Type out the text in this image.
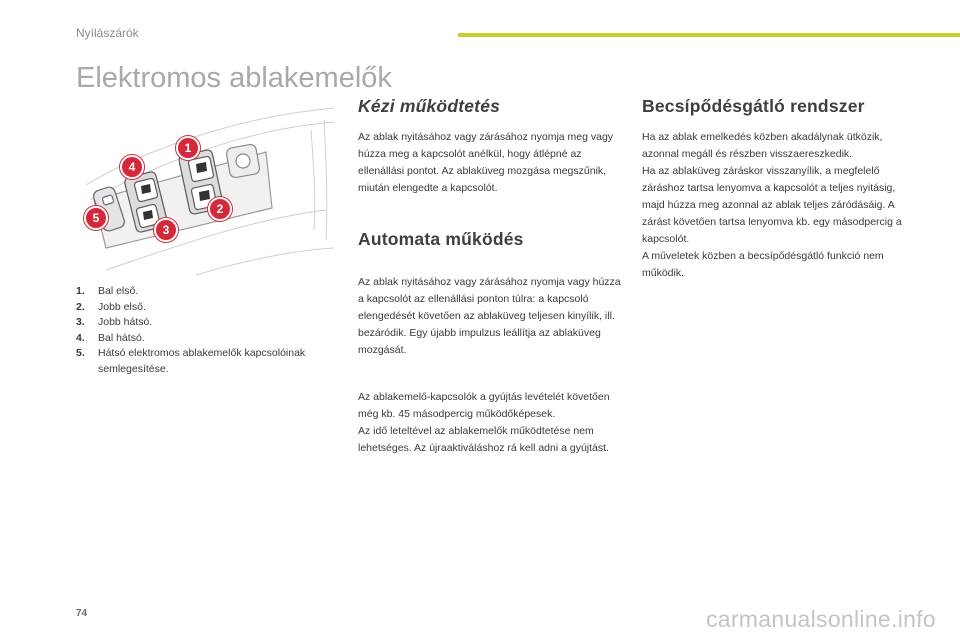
Nyílászárók
Elektromos ablakemelők
1
2
3
4
5
1.	Bal első.
2.	Jobb első.
3.	Jobb hátsó.
4.	Bal hátsó.
5.	Hátsó elektromos ablakemelők kapcsolóinak semlegesítése.
Kézi működtetés

Az ablak nyitásához vagy zárásához nyomja meg vagy húzza meg a kapcsolót anélkül, hogy átlépné az ellenállási pontot. Az ablaküveg mozgása megszűnik, miután elengedte a kapcsolót.

Automata működés

Az ablak nyitásához vagy zárásához nyomja vagy húzza a kapcsolót az ellenállási ponton túlra: a kapcsoló elengedését követően az ablaküveg teljesen kinyílik, ill. bezáródik. Egy újabb impulzus leállítja az ablaküveg mozgását.

Az ablakemelő-kapcsolók a gyújtás levételét követően még kb. 45 másodpercig működőképesek.

Az idő leteltével az ablakemelők működtetése nem lehetséges. Az újraaktiváláshoz rá kell adni a gyújtást.

Becsípődésgátló rendszer

Ha az ablak emelkedés közben akadálynak ütközik, azonnal megáll és részben visszaereszkedik.

Ha az ablaküveg záráskor visszanyílik, a megfelelő záráshoz tartsa lenyomva a kapcsolót a teljes nyitásig, majd húzza meg azonnal az ablak teljes záródásáig. A zárást követően tartsa lenyomva kb. egy másodpercig a kapcsolót.

A műveletek közben a becsípődésgátló funkció nem működik.

74	carmanualsonline.info
